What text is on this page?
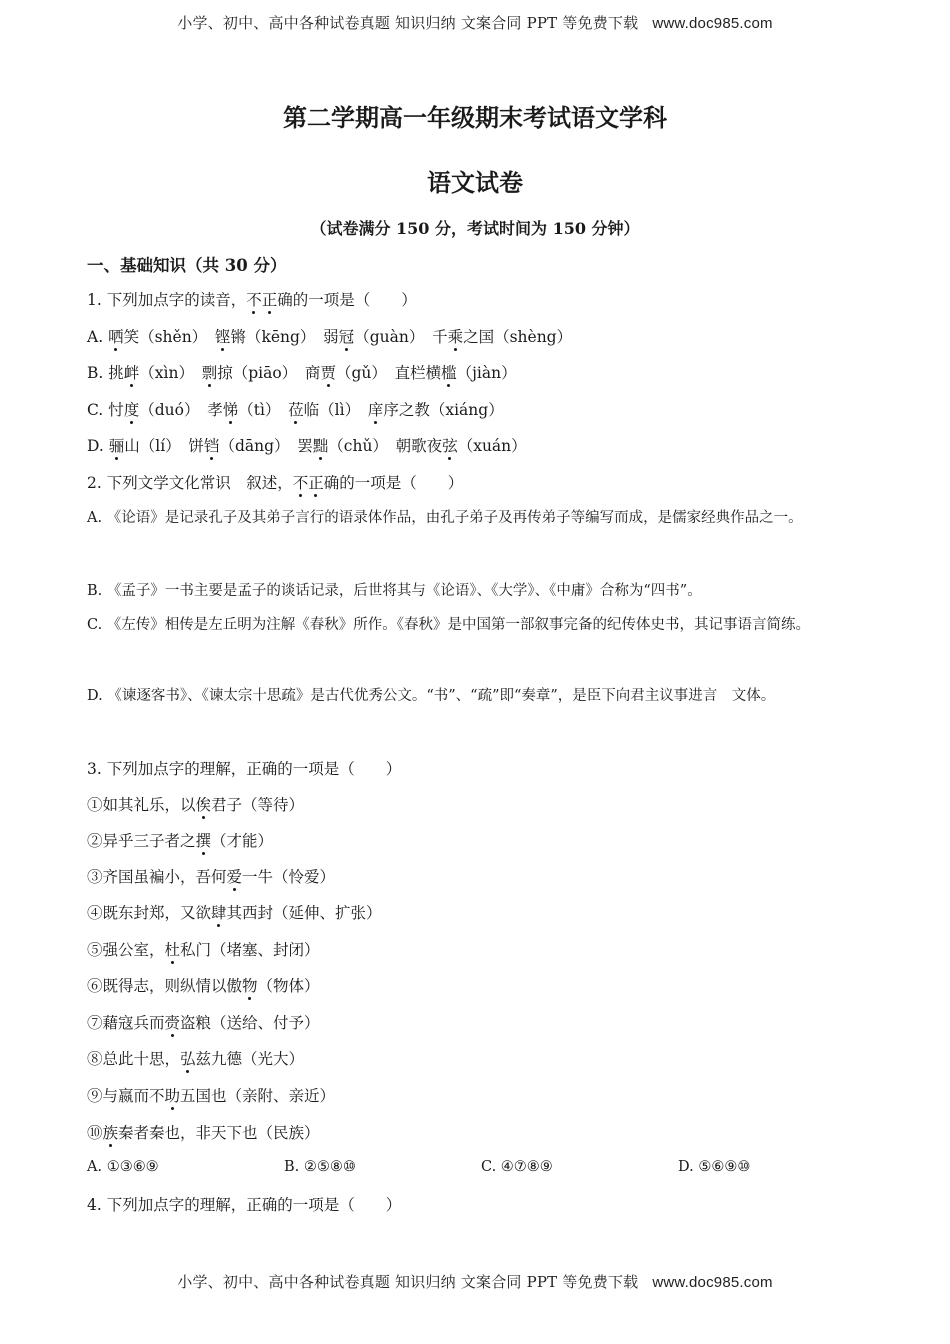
小学、初中、高中各种试卷真题 知识归纳 文案合同 PPT 等免费下载 www.doc985.com
第二学期高一年级期末考试语文学科
语文试卷
（试卷满分 150 分，考试时间为 150 分钟）
一、基础知识（共 30 分）
1. 下列加点字的读音，不正确的一项是（　　）
A. 哂笑（shěn）　铿锵（kēng）　弱冠（guàn）　千乘之国（shèng）
B. 挑衅（xìn）　剽掠（piāo）　商贾（gǔ）　直栏横槛（jiàn）
C. 忖度（duó）　孝悌（tì）　莅临（lì）　庠序之教（xiáng）
D. 骊山（lí）　饼铛（dāng）　罢黜（chǔ）　朝歌夜弦（xuán）
2. 下列文学文化常识　叙述，不正确的一项是（　　）
A. 《论语》是记录孔子及其弟子言行的语录体作品，由孔子弟子及再传弟子等编写而成，是儒家经典作品之一。
B. 《孟子》一书主要是孟子的谈话记录，后世将其与《论语》、《大学》、《中庸》合称为“四书”。
C. 《左传》相传是左丘明为注解《春秋》所作。《春秋》是中国第一部叙事完备的纪传体史书，其记事语言简练。
D. 《谏逐客书》、《谏太宗十思疏》是古代优秀公文。“书”、“疏”即“奏章”，是臣下向君主议事进言　文体。
3. 下列加点字的理解，正确的一项是（　　）
①如其礼乐，以俟君子（等待）
②异乎三子者之撰（才能）
③齐国虽褊小，吾何爱一牛（怜爱）
④既东封郑，又欲肆其西封（延伸、扩张）
⑤强公室，杜私门（堵塞、封闭）
⑥既得志，则纵情以傲物（物体）
⑦藉寇兵而赍盗粮（送给、付予）
⑧总此十思，弘兹九德（光大）
⑨与嬴而不助五国也（亲附、亲近）
⑩族秦者秦也，非天下也（民族）
A. ①③⑥⑨	B. ②⑤⑧⑩	C. ④⑦⑧⑨	D. ⑤⑥⑨⑩
4. 下列加点字的理解，正确的一项是（　　）
小学、初中、高中各种试卷真题 知识归纳 文案合同 PPT 等免费下载 www.doc985.com
